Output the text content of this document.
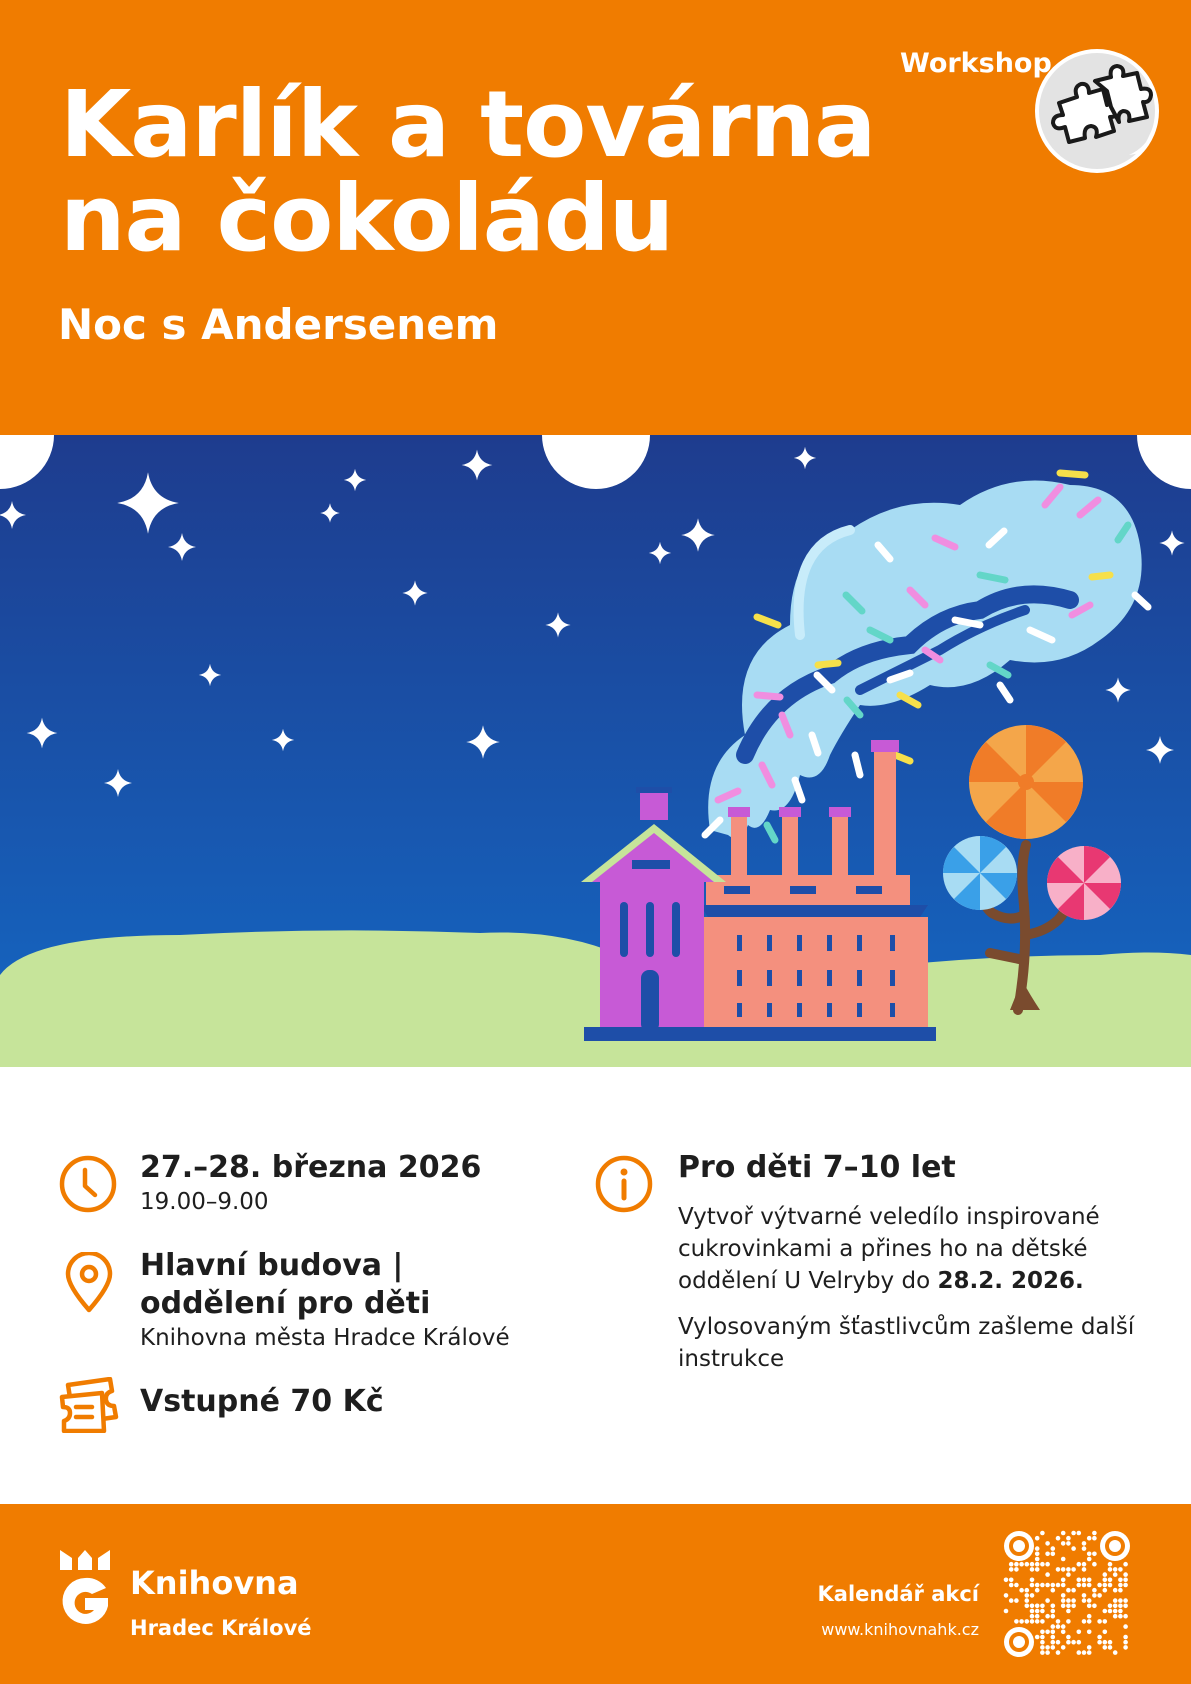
Karlík a továrna
na čokoládu
Noc s Andersenem
Workshop

27.–28. března 2026

19.00–9.00

Hlavní budova |

oddělení pro děti

Knihovna města Hradce Králové

Vstupné 70 Kč

Pro děti 7–10 let

Vytvoř výtvarné veledílo inspirované cukrovinkami a přines ho na dětské oddělení U Velryby do 28.2. 2026.

Vylosovaným šťastlivcům zašleme další instrukce

Knihovna
Hradec Králové
Kalendář akcí
www.knihovnahk.cz
